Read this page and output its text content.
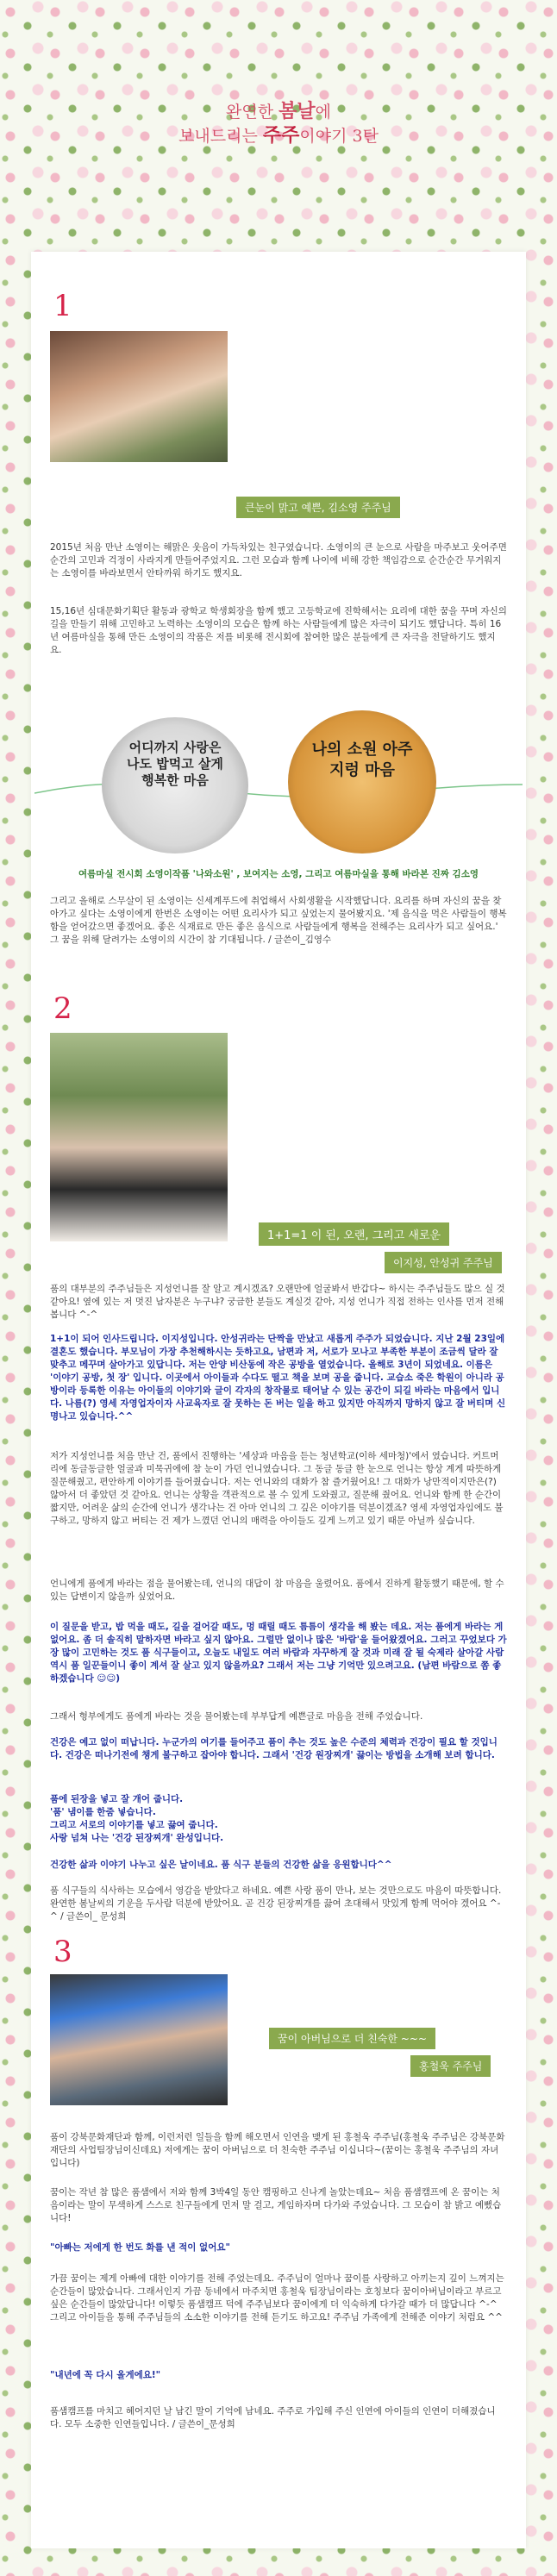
완연한 봄날에
보내드리는 주주이야기 3탄
1
큰눈이 맑고 예쁜, 김소영 주주님

2015년 처음 만난 소영이는 해맑은 웃음이 가득차있는 친구였습니다. 소영이의 큰 눈으로 사람을 마주보고 웃어주면 순간의 고민과 걱정이 사라지게 만들어주었지요. 그런 모습과 함께 나이에 비해 강한 책임감으로 순간순간 무거워지는 소영이를 바라보면서 안타까워 하기도 했지요.

15,16년 심대문화기획단 활동과 광학교 학생회장을 함께 했고 고등학교에 진학해서는 요리에 대한 꿈을 꾸며 자신의 길을 만들기 위해 고민하고 노력하는 소영이의 모습은 함께 하는 사람들에게 많은 자극이 되기도 했답니다. 특히 16년 여름마실을 통해 만든 소영이의 작품은 저를 비롯해 전시회에 참여한 많은 분들에게 큰 자극을 전달하기도 했지요.

어디까지 사랑은 나도 밥먹고 살게 행복한 마음
나의 소원 아주 지렁 마음
여름마실 전시회 소영이작품 '나와소원' , 보여지는 소영, 그리고 여름마실을 통해 바라본 진짜 김소영

그리고 올해로 스무살이 된 소영이는 신세계푸드에 취업해서 사회생활을 시작했답니다. 요리를 하며 자신의 꿈을 찾아가고 싶다는 소영이에게 한번은 소영이는 어떤 요리사가 되고 싶었는지 물어봤지요. '제 음식을 먹은 사람들이 행복함을 얻어갔으면 좋겠어요. 좋은 식재료로 만든 좋은 음식으로 사람들에게 행복을 전해주는 요리사가 되고 싶어요.' 그 꿈을 위해 달려가는 소영이의 시간이 참 기대됩니다. / 글쓴이_김영수

2
1+1=1 이 된, 오랜, 그리고 새로운
이지성, 안성귀 주주님

품의 대부분의 주주님들은 지성언니를 잘 알고 계시겠죠? 오랜만에 얼굴봐서 반갑다~ 하시는 주주님들도 많으 실 것 같아요! 옆에 있는 저 멋진 남자분은 누구냐? 궁금한 분들도 계실것 같아, 지성 언니가 직접 전하는 인사를 먼저 전해 봅니다 ^-^

1+1이 되어 인사드립니다. 이지성입니다. 안성귀라는 단짝을 만났고 새롭게 주주가 되었습니다. 지난 2월 23일에 결혼도 했습니다. 부모님이 가장 추천해하시는 듯하고요, 남편과 저, 서로가 모나고 부족한 부분이 조금씩 달라 잘 맞추고 메꾸며 살아가고 있답니다. 저는 안양 비산동에 작은 공방을 열었습니다. 올해로 3년이 되었네요. 이름은 '이야기 공방, 첫 장' 입니다. 이곳에서 아이들과 수다도 떨고 책을 보며 공을 줍니다. 교습소 죽은 학원이 아니라 공방이라 등록한 이유는 아이들의 이야기와 글이 각자의 창작물로 태어날 수 있는 공간이 되길 바라는 마음에서 입니다. 나름(?) 영세 자영업자이자 사교육자로 잘 못하는 돈 버는 일을 하고 있지만 아직까지 망하지 않고 잘 버티며 신명나고 있습니다.^^

저가 지성언니를 처음 만난 건, 품에서 진행하는 '세상과 마음을 듣는 청년학교(이하 세마청)'에서 였습니다. 커트머리에 동글동글한 얼굴과 미묵귀에에 참 눈이 가던 언니였습니다. 그 동글 동글 한 눈으로 언니는 항상 계게 따뜻하게 질문해줬고, 편안하게 이야기를 들어줬습니다. 저는 언니와의 대화가 참 즐거웠어요! 그 대화가 낭만적이지만은(?) 않아서 더 좋았던 것 같아요. 언니는 상황을 객관적으로 볼 수 있게 도와줬고, 질문해 줬어요. 언니와 함께 한 순간이 짧지만, 어려운 삶의 순간에 언니가 생각나는 건 아마 언니의 그 깊은 이야기를 덕분이겠죠? 영세 자영업자임에도 불구하고, 망하지 않고 버티는 건 제가 느꼈던 언니의 매력을 아이들도 깊게 느끼고 있기 때문 아닐까 싶습니다.

언니에게 품에게 바라는 점을 물어봤는데, 언니의 대답이 참 마음을 울렸어요. 품에서 진하게 활동했기 때문에, 할 수 있는 답변이지 않을까 싶었어요.

이 질문을 받고, 밥 먹을 때도, 길을 걸어갈 때도, 멍 때릴 때도 틈틈이 생각을 해 봤는 데요. 저는 품에게 바라는 게 없어요. 좀 더 솔직히 말하자면 바라고 싶지 않아요. 그럴만 없이나 많은 '바람'을 들어왔겠어요. 그러고 꾸었보다 가장 많이 고민하는 것도 품 식구들이고, 오늘도 내일도 여러 바람과 자꾸하게 잘 것과 미래 잘 될 숙제라 살아갈 사람 역시 품 일꾼들이니 좋이 계셔 잘 살고 있지 않을까요? 그래서 저는 그냥 기억만 있으려고요. (남편 바람으로 쫌 좋 하겠습니다 ☺☺)

그래서 형부에게도 품에게 바라는 것을 물어봤는데 부부답게 예쁜글로 마음을 전해 주었습니다.

건강은 예고 없이 떠납니다. 누군가의 여기를 들어주고 품이 추는 것도 높은 수준의 체력과 건강이 필요 할 것입니다. 건강은 떠나기전에 챙게 불구하고 잡아야 합니다. 그래서 '건강 원장찌개' 끓이는 방법을 소개해 보려 합니다.

품에 된장을 넣고 잘 개어 줍니다.

'품' 냄이를 한줌 넣습니다.

그리고 서로의 이야기를 넣고 끓여 줍니다.

사랑 넘쳐 나는 '건강 된장찌개' 완성입니다.

건강한 삶과 이야기 나누고 싶은 날이네요. 품 식구 분들의 건강한 삶을 응원합니다^^

품 식구들의 식사하는 모습에서 영감을 받았다고 하네요. 예쁜 사랑 품이 만나, 보는 것만으로도 마음이 따뜻합니다. 완연한 봄날씨의 기운을 두사람 덕분에 받았어요. 곧 건강 된장찌개를 끓여 초대해서 맛있게 함께 먹어야 겠어요 ^-^ / 글쓴이_ 문성희

3
꿈이 아버님으로 더 친숙한 ~~~
홍철욱 주주님

품이 강북문화재단과 함께, 이런저런 일들을 함께 해오면서 인연을 맺게 된 홍철욱 주주님(홍철욱 주주님은 강북문화재단의 사업팀장님이신데요) 저에게는 꿈이 아버님으로 더 친숙한 주주님 이십니다~(꿈이는 홍철욱 주주님의 자녀입니다)

꿈이는 작년 참 많은 품샘에서 저와 함께 3박4일 동안 캠핑하고 신나게 놀았는데요~ 처음 품샘캠프에 온 꿈이는 처음이라는 말이 무색하게 스스로 친구들에게 먼저 말 걸고, 게임하자며 다가와 주었습니다. 그 모습이 참 밝고 예뻤습니다!

"아빠는 저에게 한 번도 화를 낸 적이 없어요"

가끔 꿈이는 제게 아빠에 대한 이야기를 전해 주었는데요. 주주님이 얼마나 꿈이를 사랑하고 아끼는지 깊이 느껴지는 순간들이 많았습니다. 그래서인지 가끔 동네에서 마주치면 홍철욱 팀장님이라는 호칭보다 꿈이아버님이라고 부르고 싶은 순간들이 많았답니다! 이렇듯 품샘캠프 덕에 주주님보다 꿈이에게 더 익숙하게 다가갈 때가 더 많답니다 ^-^ 그리고 아이들을 통해 주주님들의 소소한 이야기를 전해 듣기도 하고요! 주주님 가족에게 전해준 이야기 처럼요 ^^

"내년에 꼭 다시 올게에요!"

품샘캠프를 마치고 헤어지던 날 남긴 말이 기억에 남네요. 주주로 가입해 주신 인연에 아이들의 인연이 더해졌습니다. 모두 소중한 인연들입니다. / 글쓴이_문성희
